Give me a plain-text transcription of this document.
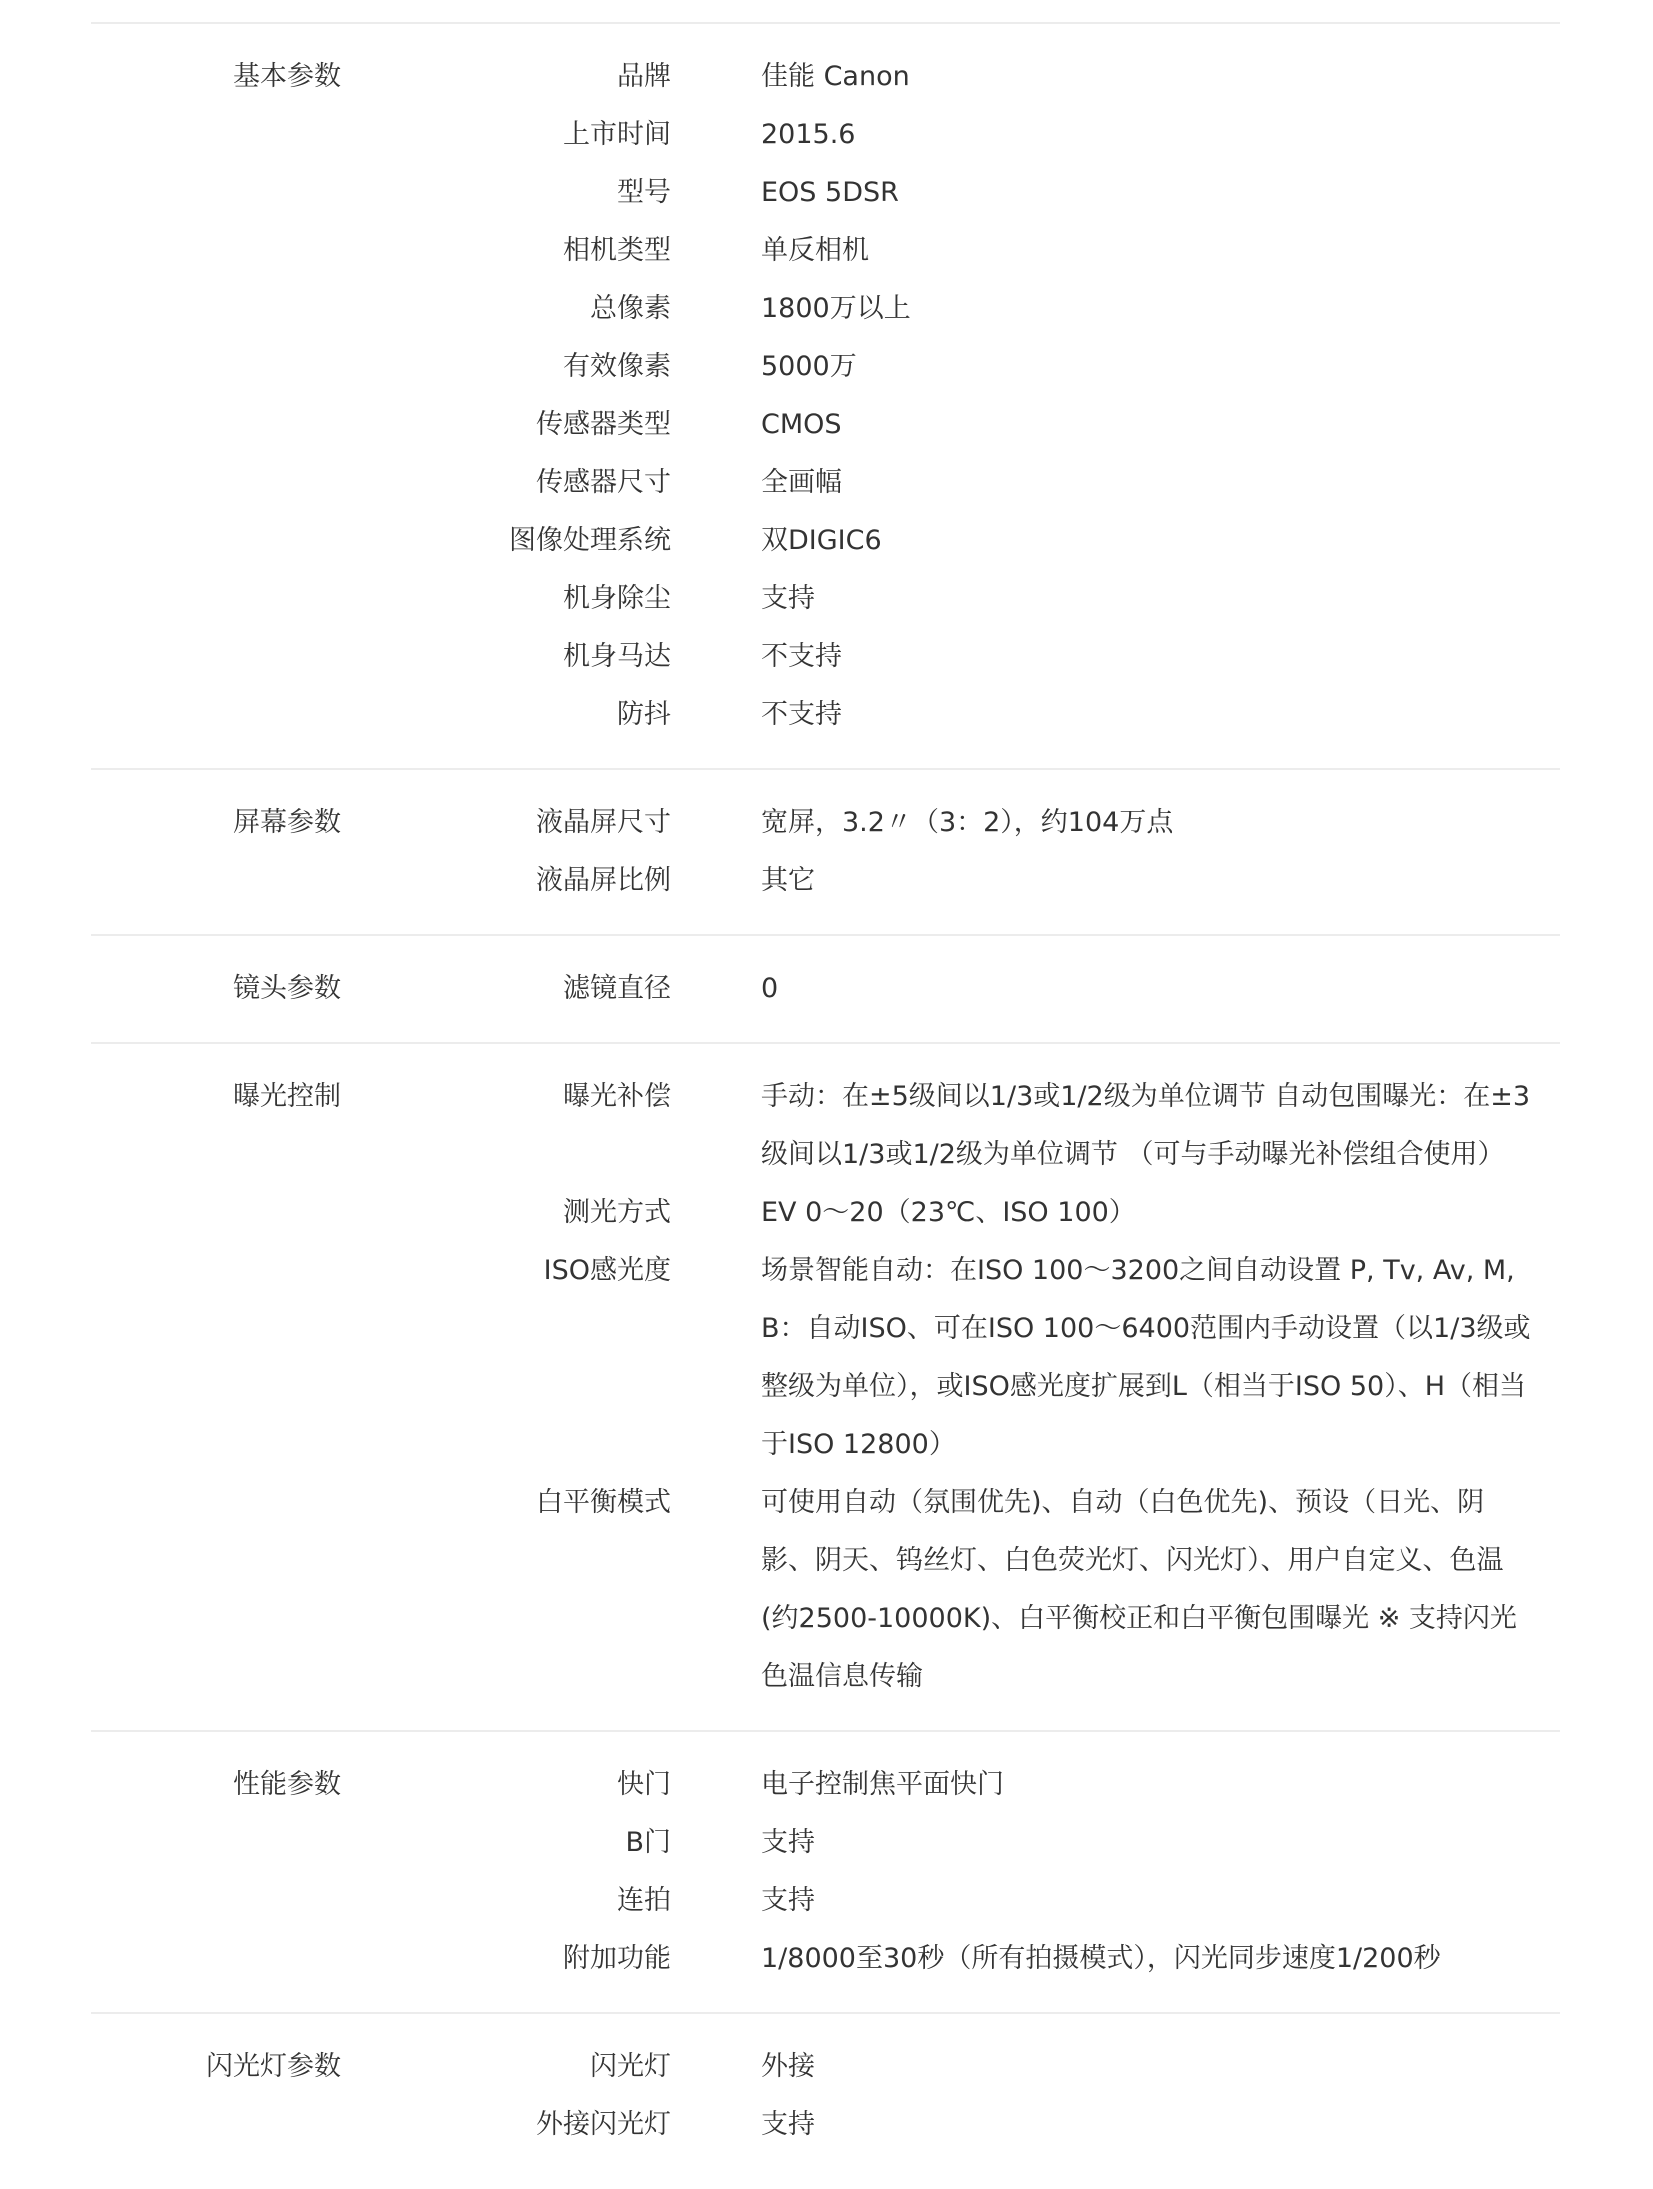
基本参数	品牌	佳能 Canon
上市时间	2015.6
型号	EOS 5DSR
相机类型	单反相机
总像素	1800万以上
有效像素	5000万
传感器类型	CMOS
传感器尺寸	全画幅
图像处理系统	双DIGIC6
机身除尘	支持
机身马达	不支持
防抖	不支持
屏幕参数	液晶屏尺寸	宽屏，3.2〃（3：2），约104万点
液晶屏比例	其它
镜头参数	滤镜直径	0
曝光控制	曝光补偿	手动：在±5级间以1/3或1/2级为单位调节 自动包围曝光：在±3级间以1/3或1/2级为单位调节 （可与手动曝光补偿组合使用）
测光方式	EV 0～20（23℃、ISO 100）
ISO感光度	场景智能自动：在ISO 100～3200之间自动设置 P, Tv, Av, M, B：自动ISO、可在ISO 100～6400范围内手动设置（以1/3级或整级为单位），或ISO感光度扩展到L（相当于ISO 50）、H（相当于ISO 12800）
白平衡模式	可使用自动（氛围优先)、自动（白色优先)、预设（日光、阴影、阴天、钨丝灯、白色荧光灯、闪光灯）、用户自定义、色温(约2500-10000K)、白平衡校正和白平衡包围曝光 ※ 支持闪光色温信息传输
性能参数	快门	电子控制焦平面快门
B门	支持
连拍	支持
附加功能	1/8000至30秒（所有拍摄模式），闪光同步速度1/200秒
闪光灯参数	闪光灯	外接
外接闪光灯	支持
